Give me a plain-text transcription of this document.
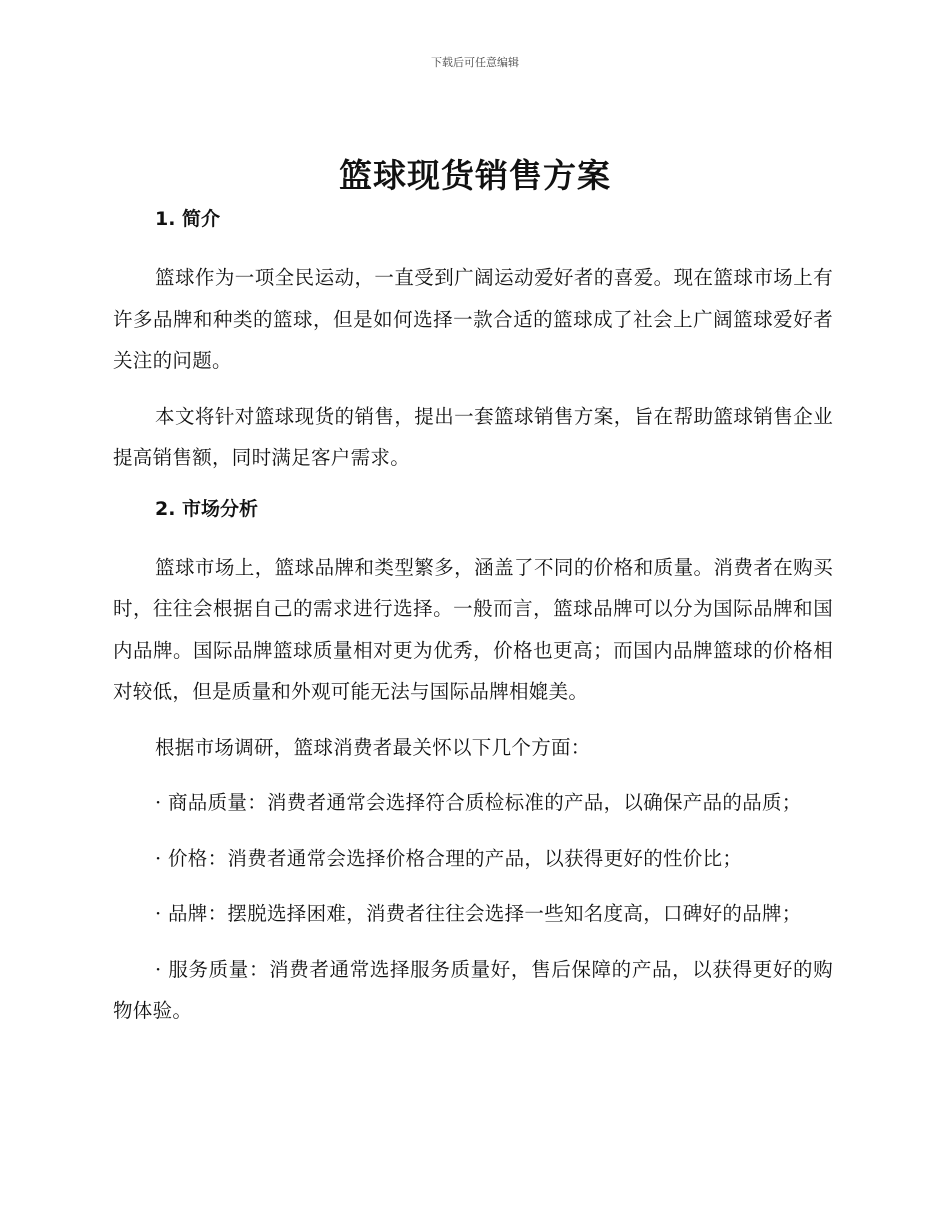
下载后可任意编辑
篮球现货销售方案
1. 简介

篮球作为一项全民运动，一直受到广阔运动爱好者的喜爱。现在篮球市场上有许多品牌和种类的篮球，但是如何选择一款合适的篮球成了社会上广阔篮球爱好者关注的问题。

本文将针对篮球现货的销售，提出一套篮球销售方案，旨在帮助篮球销售企业提高销售额，同时满足客户需求。

2. 市场分析

篮球市场上，篮球品牌和类型繁多，涵盖了不同的价格和质量。消费者在购买时，往往会根据自己的需求进行选择。一般而言，篮球品牌可以分为国际品牌和国内品牌。国际品牌篮球质量相对更为优秀，价格也更高；而国内品牌篮球的价格相对较低，但是质量和外观可能无法与国际品牌相媲美。

根据市场调研，篮球消费者最关怀以下几个方面：

· 商品质量：消费者通常会选择符合质检标准的产品，以确保产品的品质；

· 价格：消费者通常会选择价格合理的产品，以获得更好的性价比；

· 品牌：摆脱选择困难，消费者往往会选择一些知名度高，口碑好的品牌；

· 服务质量：消费者通常选择服务质量好，售后保障的产品，以获得更好的购物体验。
